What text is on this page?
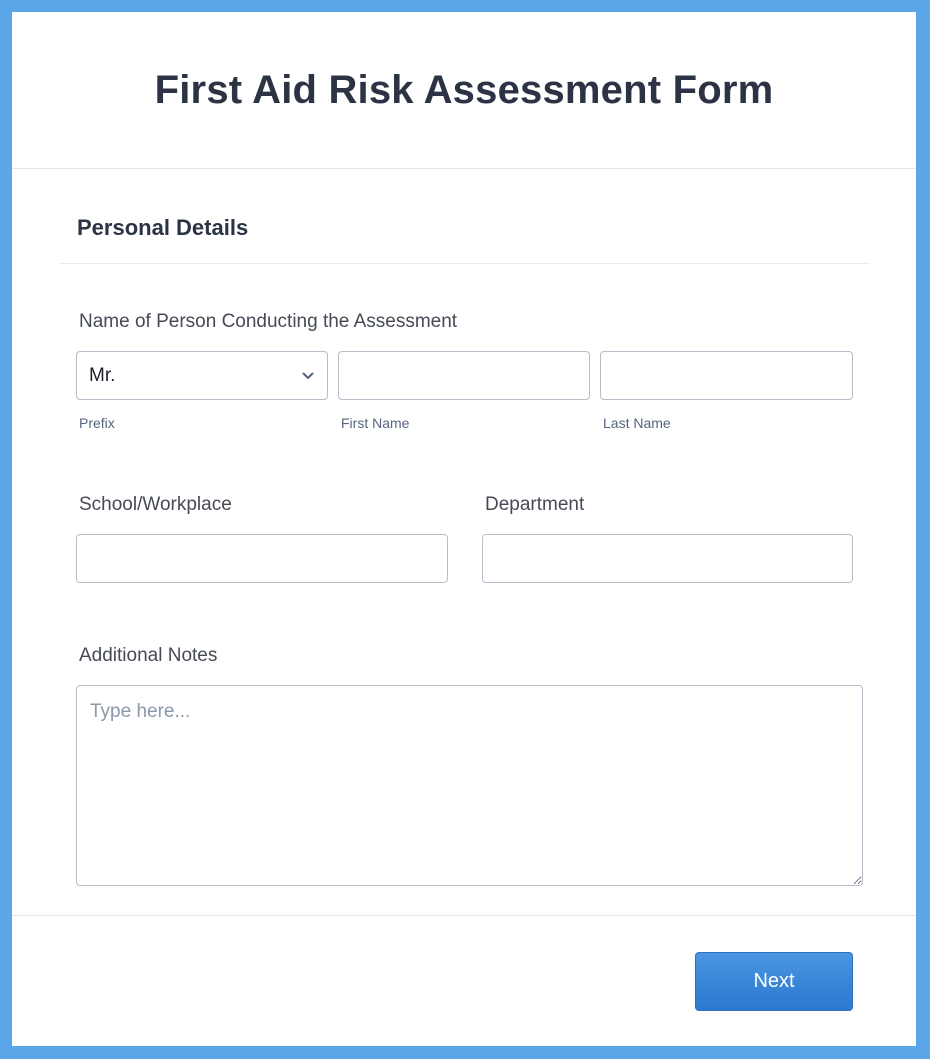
First Aid Risk Assessment Form
Personal Details

Name of Person Conducting the Assessment

Mr.

Prefix	First Name	Last Name

School/Workplace	Department

Additional Notes

Type here...
Next
